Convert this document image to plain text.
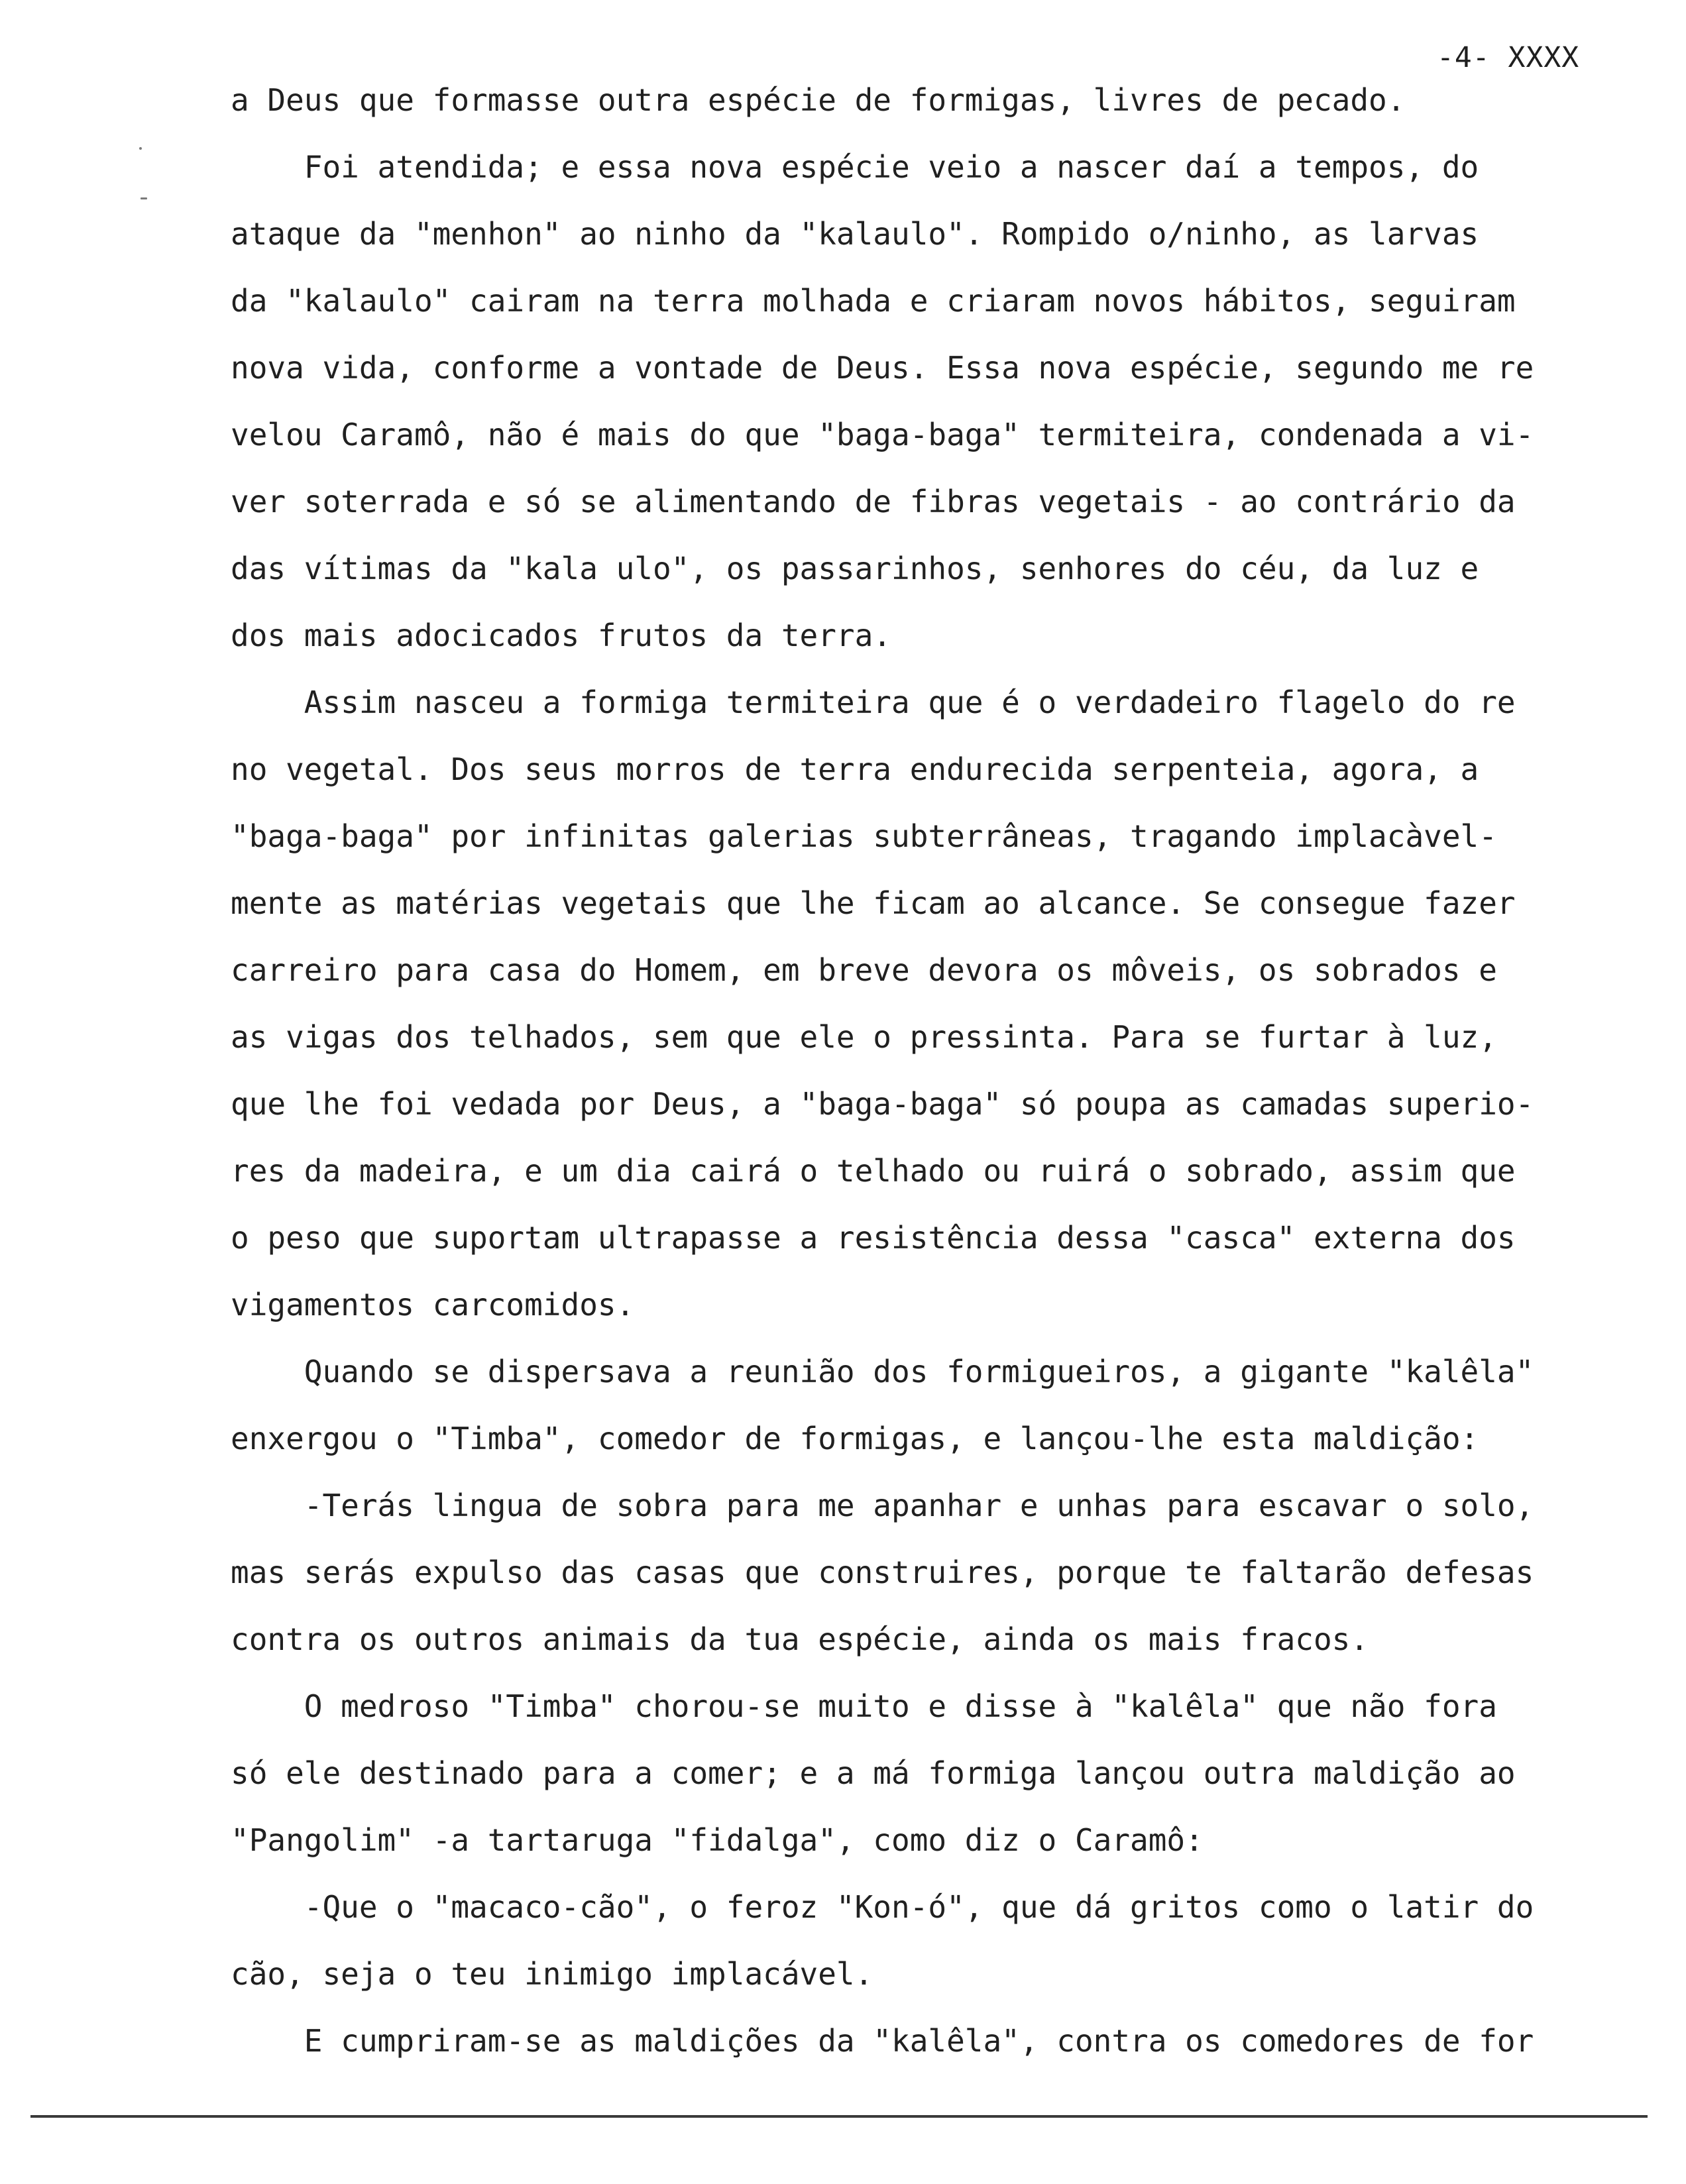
-4- XXXX
a Deus que formasse outra espécie de formigas, livres de pecado.
Foi atendida; e essa nova espécie veio a nascer daí a tempos, do
ataque da "menhon" ao ninho da "kalaulo". Rompido o/ninho, as larvas
da "kalaulo" cairam na terra molhada e criaram novos hábitos, seguiram
nova vida, conforme a vontade de Deus. Essa nova espécie, segundo me re
velou Caramô, não é mais do que "baga-baga" termiteira, condenada a vi-
ver soterrada e só se alimentando de fibras vegetais - ao contrário da
das vítimas da "kala ulo", os passarinhos, senhores do céu, da luz e
dos mais adocicados frutos da terra.
Assim nasceu a formiga termiteira que é o verdadeiro flagelo do re
no vegetal. Dos seus morros de terra endurecida serpenteia, agora, a
"baga-baga" por infinitas galerias subterrâneas, tragando implacàvel-
mente as matérias vegetais que lhe ficam ao alcance. Se consegue fazer
carreiro para casa do Homem, em breve devora os môveis, os sobrados e
as vigas dos telhados, sem que ele o pressinta. Para se furtar à luz,
que lhe foi vedada por Deus, a "baga-baga" só poupa as camadas superio-
res da madeira, e um dia cairá o telhado ou ruirá o sobrado, assim que
o peso que suportam ultrapasse a resistência dessa "casca" externa dos
vigamentos carcomidos.
Quando se dispersava a reunião dos formigueiros, a gigante "kalêla"
enxergou o "Timba", comedor de formigas, e lançou-lhe esta maldição:
-Terás lingua de sobra para me apanhar e unhas para escavar o solo,
mas serás expulso das casas que construires, porque te faltarão defesas
contra os outros animais da tua espécie, ainda os mais fracos.
O medroso "Timba" chorou-se muito e disse à "kalêla" que não fora
só ele destinado para a comer; e a má formiga lançou outra maldição ao
"Pangolim" -a tartaruga "fidalga", como diz o Caramô:
-Que o "macaco-cão", o feroz "Kon-ó", que dá gritos como o latir do
cão, seja o teu inimigo implacável.
E cumpriram-se as maldições da "kalêla", contra os comedores de for
